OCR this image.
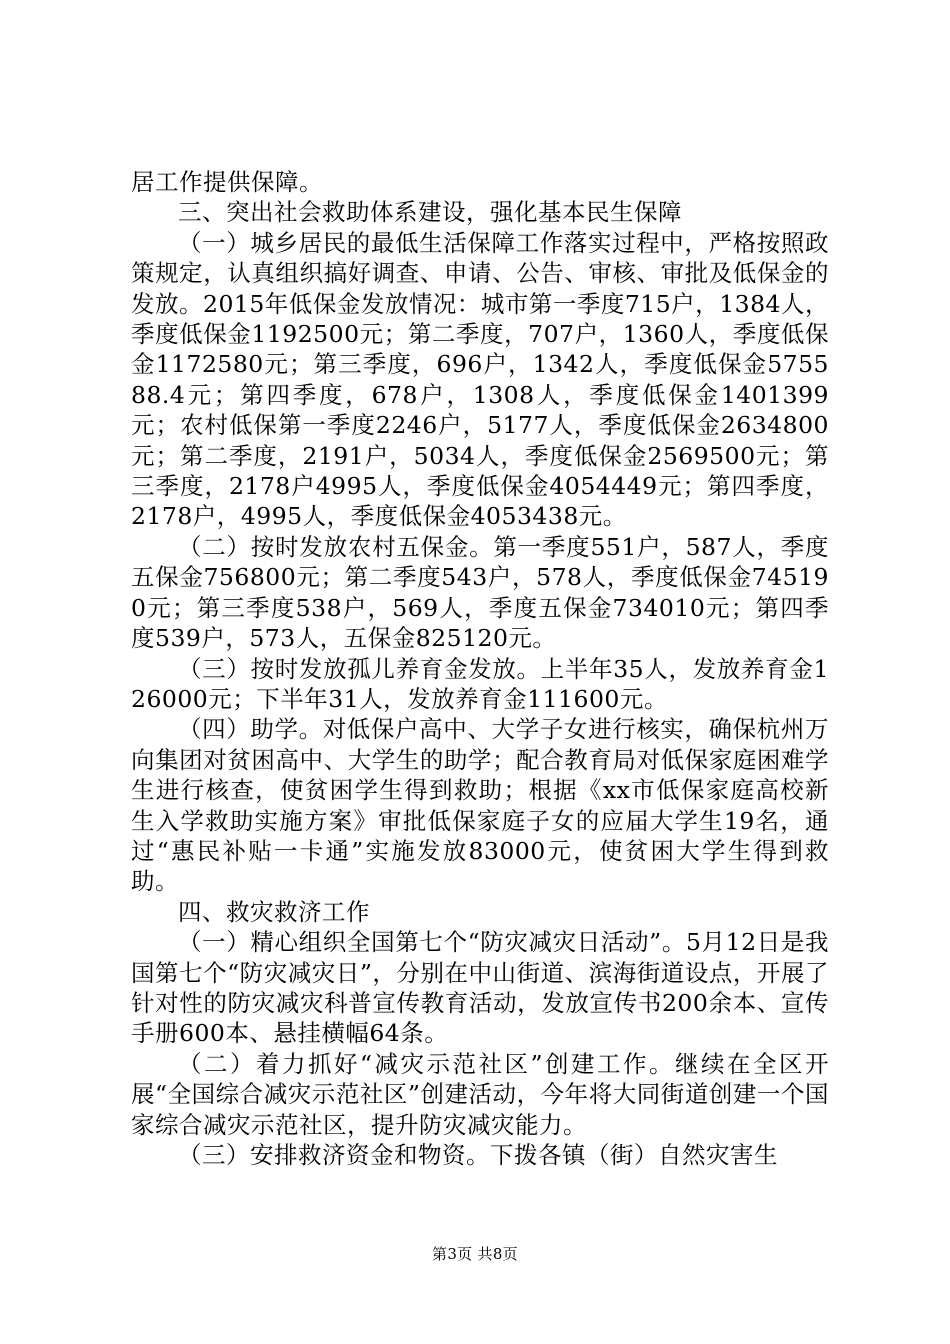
居工作提供保障。

三、突出社会救助体系建设，强化基本民生保障

（一）城乡居民的最低生活保障工作落实过程中，严格按照政策规定，认真组织搞好调查、申请、公告、审核、审批及低保金的发放。2015年低保金发放情况：城市第一季度715户，1384人，季度低保金1192500元；第二季度，707户，1360人，季度低保金1172580元；第三季度，696户，1342人，季度低保金575588.4元；第四季度，678户，1308人，季度低保金1401399元；农村低保第一季度2246户，5177人，季度低保金2634800元；第二季度，2191户，5034人，季度低保金2569500元；第三季度，2178户4995人，季度低保金4054449元；第四季度，2178户，4995人，季度低保金4053438元。

（二）按时发放农村五保金。第一季度551户，587人，季度五保金756800元；第二季度543户，578人，季度低保金745190元；第三季度538户，569人，季度五保金734010元；第四季度539户，573人，五保金825120元。

（三）按时发放孤儿养育金发放。上半年35人，发放养育金126000元；下半年31人，发放养育金111600元。

（四）助学。对低保户高中、大学子女进行核实，确保杭州万向集团对贫困高中、大学生的助学；配合教育局对低保家庭困难学生进行核查，使贫困学生得到救助；根据《xx市低保家庭高校新生入学救助实施方案》审批低保家庭子女的应届大学生19名，通过“惠民补贴一卡通”实施发放83000元，使贫困大学生得到救助。

四、救灾救济工作

（一）精心组织全国第七个“防灾减灾日活动”。5月12日是我国第七个“防灾减灾日”，分别在中山街道、滨海街道设点，开展了针对性的防灾减灾科普宣传教育活动，发放宣传书200余本、宣传手册600本、悬挂横幅64条。

（二）着力抓好“减灾示范社区”创建工作。继续在全区开展“全国综合减灾示范社区”创建活动，今年将大同街道创建一个国家综合减灾示范社区，提升防灾减灾能力。

（三）安排救济资金和物资。下拨各镇（街）自然灾害生

第3页 共8页
